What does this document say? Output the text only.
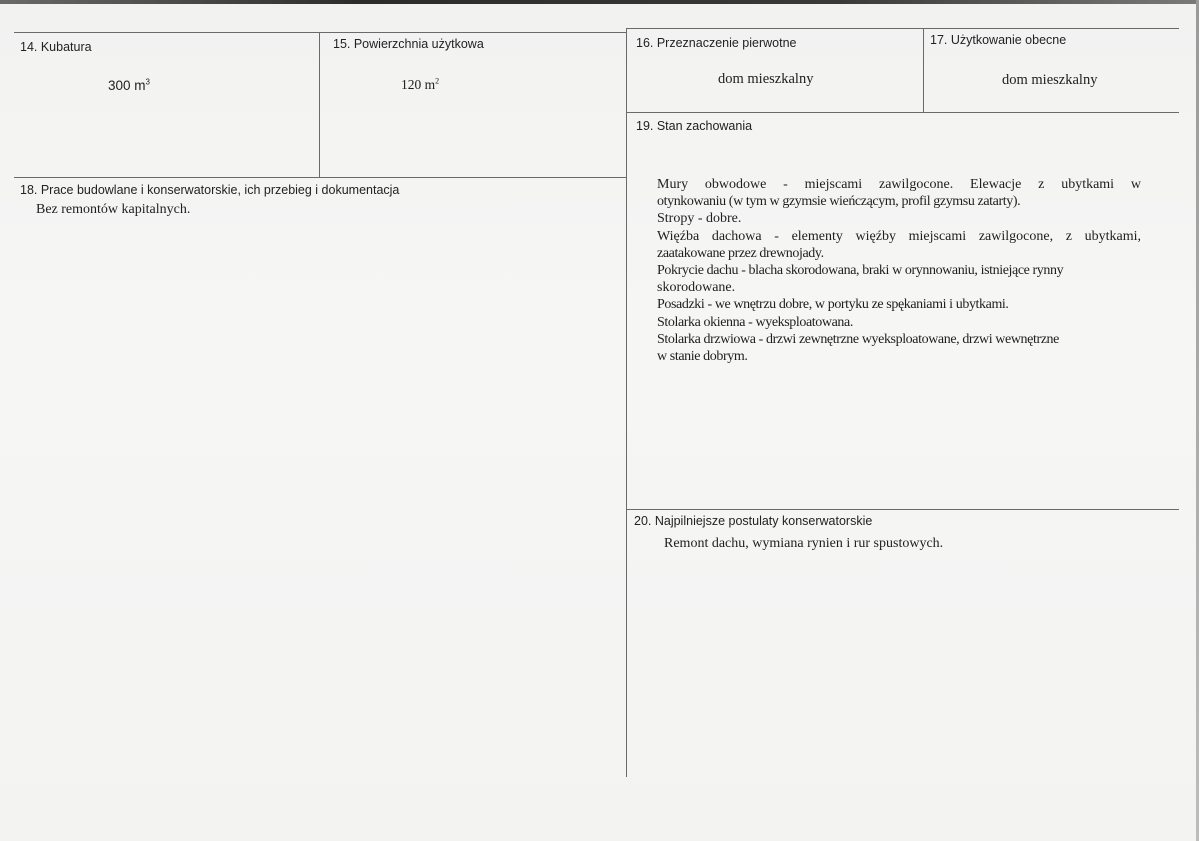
14. Kubatura
300 $m^3$
15. Powierzchnia użytkowa
120 $m^2$
16. Przeznaczenie pierwotne
dom mieszkalny
17. Użytkowanie obecne
dom mieszkalny
19. Stan zachowania
Mury obwodowe - miejscami zawilgocone. Elewacje z ubytkami w
otynkowaniu (w tym w gzymsie wieńczącym, profil gzymsu zatarty).
Stropy - dobre.
Więźba dachowa - elementy więźby miejscami zawilgocone, z ubytkami,
zaatakowane przez drewnojady.
Pokrycie dachu - blacha skorodowana, braki w orynnowaniu, istniejące rynny
skorodowane.
Posadzki - we wnętrzu dobre, w portyku ze spękaniami i ubytkami.
Stolarka okienna - wyeksploatowana.
Stolarka drzwiowa - drzwi zewnętrzne wyeksploatowane, drzwi wewnętrzne
w stanie dobrym.
18. Prace budowlane i konserwatorskie, ich przebieg i dokumentacja
Bez remontów kapitalnych.
20. Najpilniejsze postulaty konserwatorskie
Remont dachu, wymiana rynien i rur spustowych.
